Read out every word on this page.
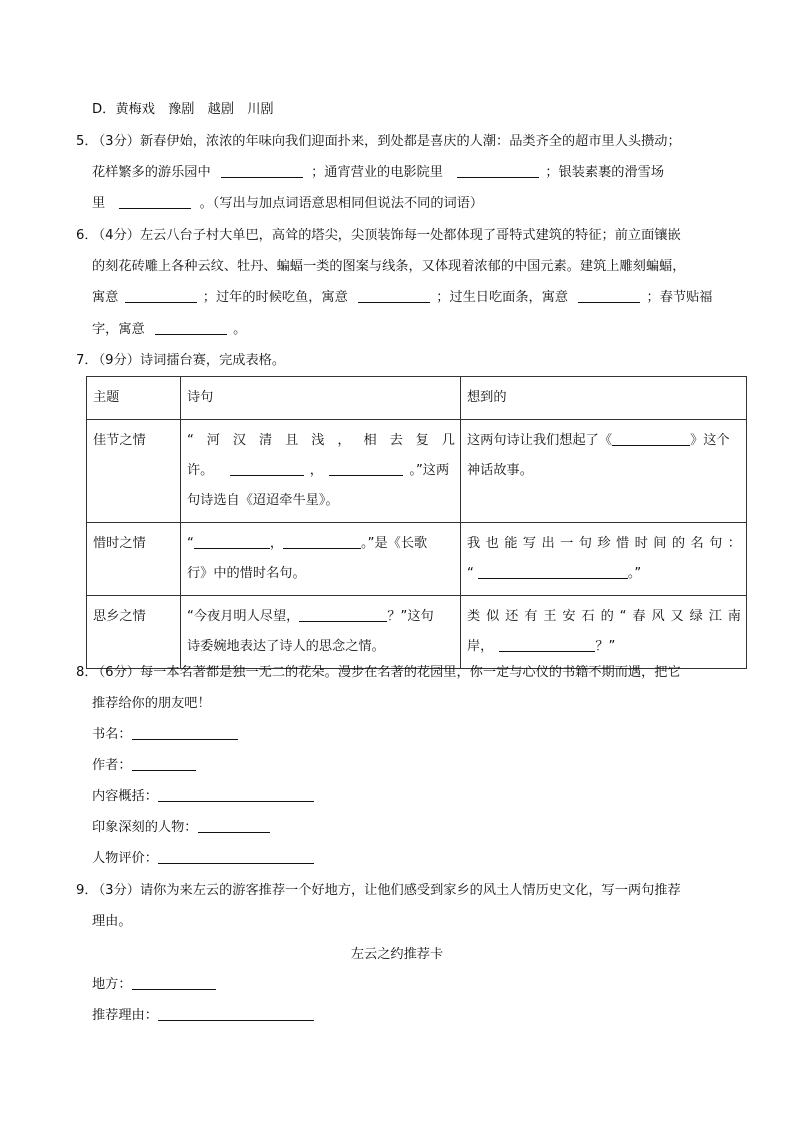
D．黄梅戏　豫剧　越剧　川剧
5．
（3分）新春伊始，浓浓的年味向我们迎面扑来，到处都是喜庆的人潮：品类齐全的超市里人头攒动；
花样繁多的游乐园中	；通宵营业的电影院里	；银装素裹的滑雪场
里	。（写出与加点词语意思相同但说法不同的词语）
6．
（4分）左云八台子村大单巴，高耸的塔尖，尖顶装饰每一处都体现了哥特式建筑的特征；前立面镶嵌
的刻花砖雕上各种云纹、牡丹、蝙蝠一类的图案与线条，又体现着浓郁的中国元素。建筑上雕刻蝙蝠，
寓意	；过年的时候吃鱼，寓意	；过生日吃面条，寓意	；春节贴福
字，寓意	。
7．
（9分）诗词擂台赛，完成表格。
主题	诗句	想到的
佳节之情	“河汉清且浅，相去复几
许。 ， 。”这两
句诗选自《迢迢牵牛星》。	这两句诗让我们想起了《 》这个
神话故事。

惜时之情	“ ， 。”是《长歌
行》中的惜时名句。	我也能写出一句珍惜时间的名句：
“ 。”

思乡之情	“今夜月明人尽望， ？”这句
诗委婉地表达了诗人的思念之情。	类似还有王安石的“春风又绿江南
岸， ？”
8．
（6分）每一本名著都是独一无二的花朵。漫步在名著的花园里，你一定与心仪的书籍不期而遇，把它
推荐给你的朋友吧！
书名：
作者：
内容概括：
印象深刻的人物：
人物评价：
9．
（3分）请你为来左云的游客推荐一个好地方，让他们感受到家乡的风土人情历史文化，写一两句推荐
理由。
左云之约推荐卡
地方：
推荐理由：
